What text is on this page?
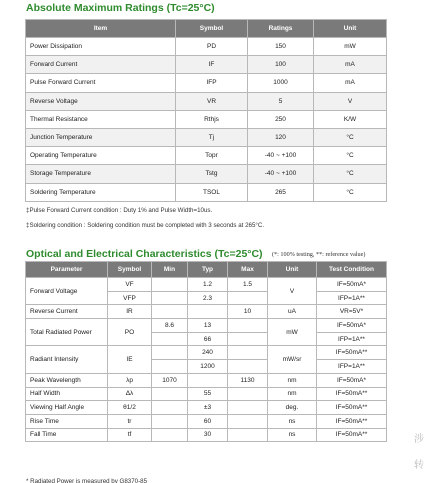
Absolute Maximum Ratings (Tc=25°C)
Item	Symbol	Ratings	Unit
Power Dissipation	PD	150	mW
Forward Current	IF	100	mA
Pulse Forward Current	IFP	1000	mA
Reverse Voltage	VR	5	V
Thermal Resistance	Rthjs	250	K/W
Junction Temperature	Tj	120	°C
Operating Temperature	Topr	-40 ~ +100	°C
Storage Temperature	Tstg	-40 ~ +100	°C
Soldering Temperature	TSOL	265	°C
‡Pulse Forward Current condition : Duty 1% and Pulse Width=10us.
‡Soldering condition : Soldering condition must be completed with 3 seconds at 265°C.
Optical and Electrical Characteristics (Tc=25°C) (*: 100% testing, **: reference value)
Parameter	Symbol	Min	Typ	Max	Unit	Test Condition
Forward Voltage	VF		1.2	1.5	V	IF=50mA*
	VFP		2.3			IFP=1A**
Reverse Current	IR			10	uA	VR=5V*
Total Radiated Power	PO	8.6	13		mW	IF=50mA*
			66			IFP=1A**
Radiant Intensity	IE		240		mW/sr	IF=50mA**
			1200			IFP=1A**
Peak Wavelength	λp	1070		1130	nm	IF=50mA*
Half Width	Δλ		55		nm	IF=50mA**
Viewing Half Angle	θ1/2		±3		deg.	IF=50mA**
Rise Time	tr		60		ns	IF=50mA**
Fall Time	tf		30		ns	IF=50mA**
* Radiated Power is measured by G8370-85
涉
转
